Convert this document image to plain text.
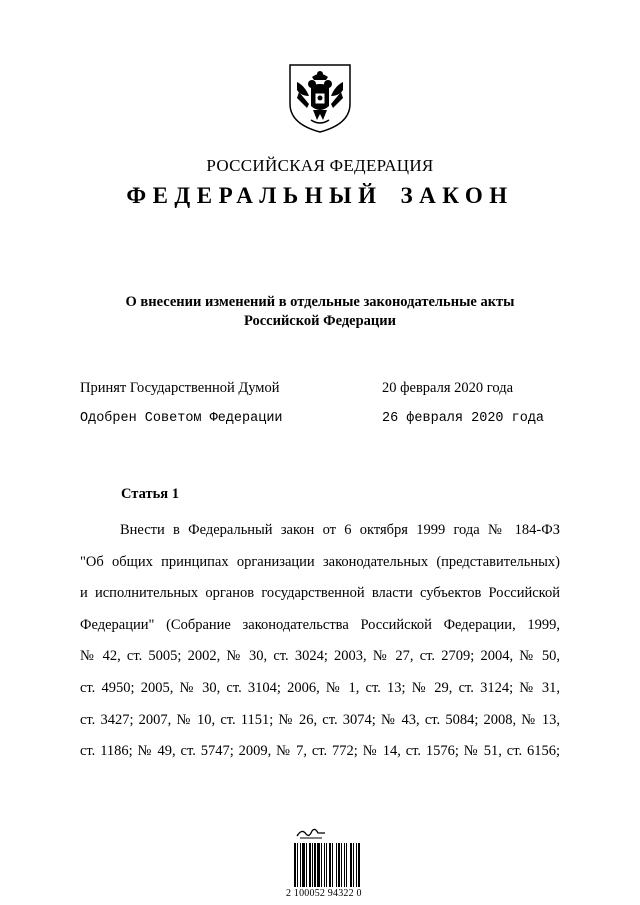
РОССИЙСКАЯ ФЕДЕРАЦИЯ
ФЕДЕРАЛЬНЫЙ ЗАКОН
О внесении изменений в отдельные законодательные акты
Российской Федерации
Принят Государственной Думой	20 февраля 2020 года
Одобрен Советом Федерации	26 февраля 2020 года
Статья 1
Внести в Федеральный закон от 6 октября 1999 года № 184-ФЗ
"Об общих принципах организации законодательных (представительных)
и исполнительных органов государственной власти субъектов Российской
Федерации" (Собрание законодательства Российской Федерации, 1999,
№ 42, ст. 5005; 2002, № 30, ст. 3024; 2003, № 27, ст. 2709; 2004, № 50,
ст. 4950; 2005, № 30, ст. 3104; 2006, № 1, ст. 13; № 29, ст. 3124; № 31,
ст. 3427; 2007, № 10, ст. 1151; № 26, ст. 3074; № 43, ст. 5084; 2008, № 13,
ст. 1186; № 49, ст. 5747; 2009, № 7, ст. 772; № 14, ст. 1576; № 51, ст. 6156;
2 100052 94322 0
